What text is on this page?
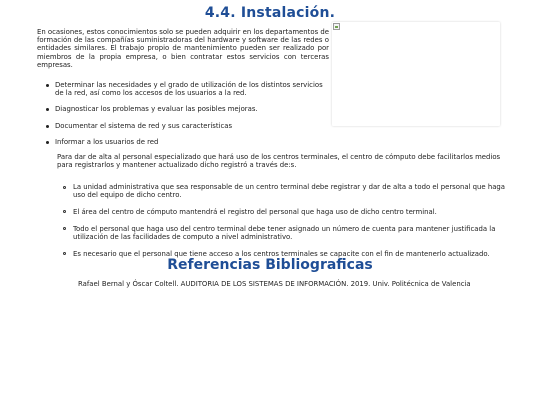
4.4. Instalación.

En ocasiones, estos conocimientos solo se pueden adquirir en los departamentos de formación de las compañías suministradoras del hardware y software de las redes o entidades similares. El trabajo propio de mantenimiento pueden ser realizado por miembros de la propia empresa, o bien contratar estos servicios con terceras empresas.

Determinar las necesidades y el grado de utilización de los distintos servicios de la red, así como los accesos de los usuarios a la red.
Diagnosticar los problemas y evaluar las posibles mejoras.
Documentar el sistema de red y sus características
Informar a los usuarios de red

Para dar de alta al personal especializado que hará uso de los centros terminales, el centro de cómputo debe facilitarlos medios para registrarlos y mantener actualizado dicho registró a través de:s.

La unidad administrativa que sea responsable de un centro terminal debe registrar y dar de alta a todo el personal que haga uso del equipo de dicho centro.
El área del centro de cómputo mantendrá el registro del personal que haga uso de dicho centro terminal.
Todo el personal que haga uso del centro terminal debe tener asignado un número de cuenta para mantener justificada la utilización de las facilidades de computo a nivel administrativo.
Es necesario que el personal que tiene acceso a los centros terminales se capacite con el fin de mantenerlo actualizado.
Referencias Bibliograficas

Rafael Bernal y Óscar Coltell. AUDITORIA DE LOS SISTEMAS DE INFORMACIÓN. 2019. Univ. Politécnica de Valencia
